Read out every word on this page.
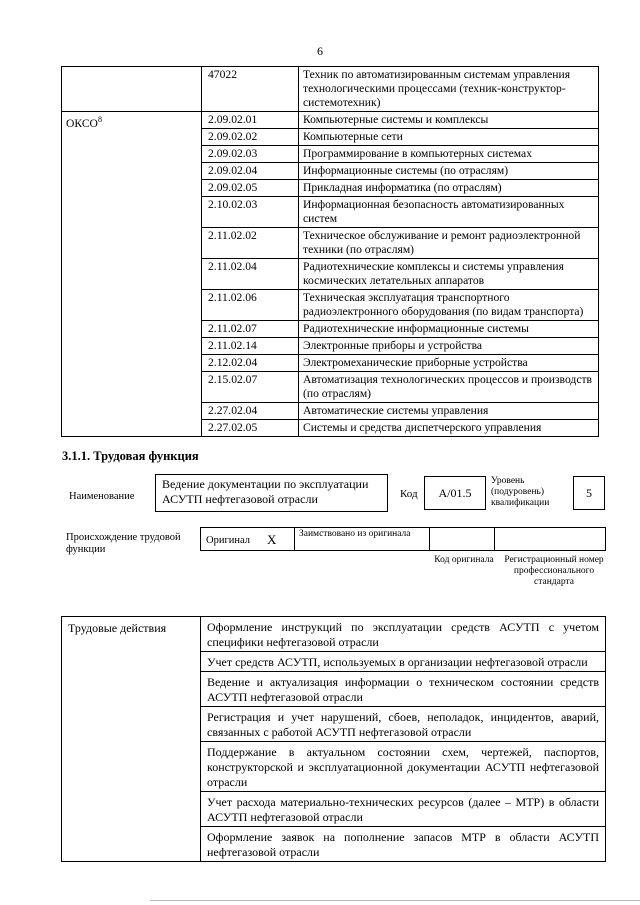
6
	47022	Техник по автоматизированным системам управления технологическими процессами (техник-конструктор-системотехник)
ОКСО$^8$	2.09.02.01	Компьютерные системы и комплексы
	2.09.02.02	Компьютерные сети
	2.09.02.03	Программирование в компьютерных системах
	2.09.02.04	Информационные системы (по отраслям)
	2.09.02.05	Прикладная информатика (по отраслям)
	2.10.02.03	Информационная безопасность автоматизированных систем
	2.11.02.02	Техническое обслуживание и ремонт радиоэлектронной техники (по отраслям)
	2.11.02.04	Радиотехнические комплексы и системы управления космических летательных аппаратов
	2.11.02.06	Техническая эксплуатация транспортного радиоэлектронного оборудования (по видам транспорта)
	2.11.02.07	Радиотехнические информационные системы
	2.11.02.14	Электронные приборы и устройства
	2.12.02.04	Электромеханические приборные устройства
	2.15.02.07	Автоматизация технологических процессов и производств (по отраслям)
	2.27.02.04	Автоматические системы управления
	2.27.02.05	Системы и средства диспетчерского управления
3.1.1. Трудовая функция
Наименование
Ведение документации по эксплуатации АСУТП нефтегазовой отрасли	Код	А/01.5
Уровень (подуровень) квалификации
5
Происхождение трудовой функции
Оригинал X Заимствовано из оригинала
Код оригинала Регистрационный номер профессионального стандарта
Трудовые действия	Оформление инструкций по эксплуатации средств АСУТП с учетом специфики нефтегазовой отрасли
Учет средств АСУТП, используемых в организации нефтегазовой отрасли
Ведение и актуализация информации о техническом состоянии средств АСУТП нефтегазовой отрасли
Регистрация и учет нарушений, сбоев, неполадок, инцидентов, аварий, связанных с работой АСУТП нефтегазовой отрасли
Поддержание в актуальном состоянии схем, чертежей, паспортов, конструкторской и эксплуатационной документации АСУТП нефтегазовой отрасли
Учет расхода материально-технических ресурсов (далее – МТР) в области АСУТП нефтегазовой отрасли
Оформление заявок на пополнение запасов МТР в области АСУТП нефтегазовой отрасли
